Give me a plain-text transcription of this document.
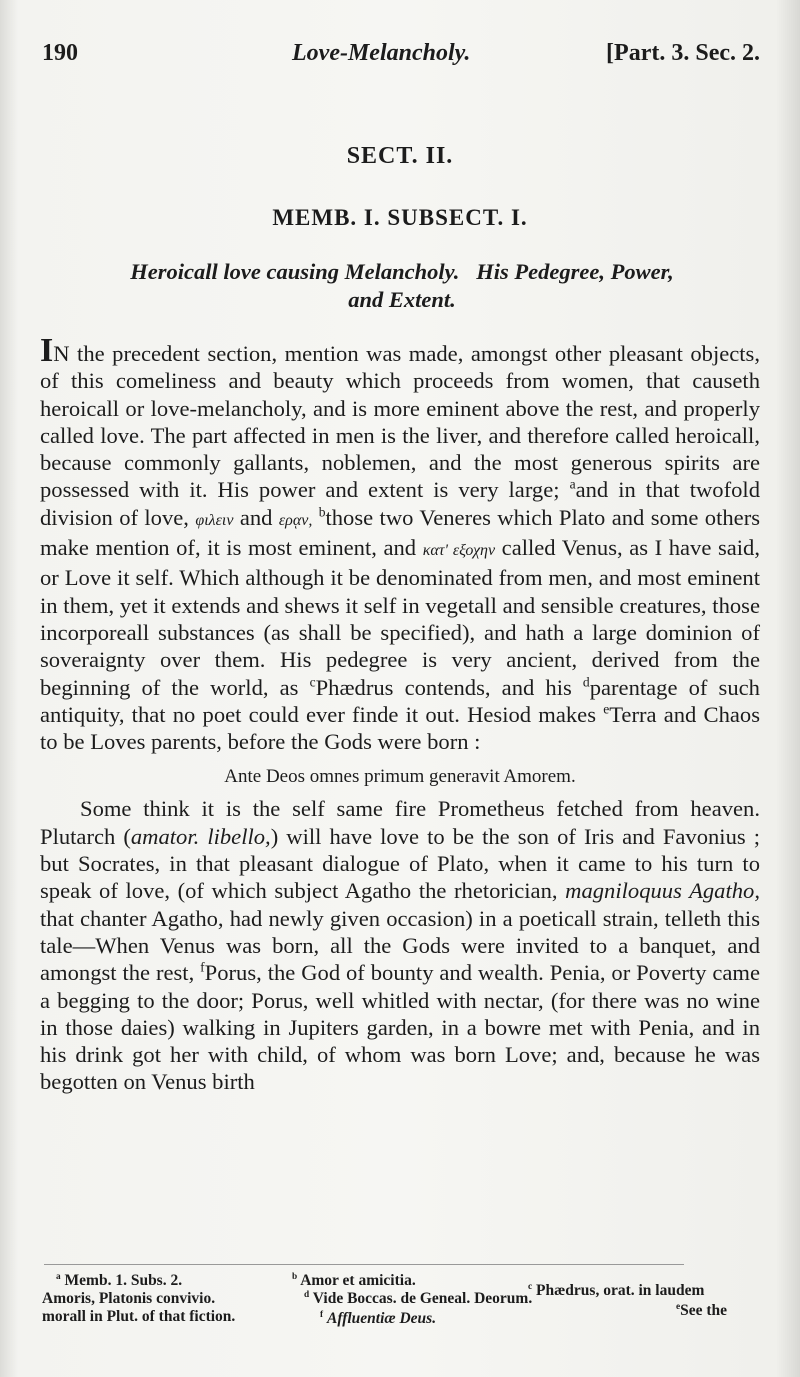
190	Love-Melancholy.	[Part. 3. Sec. 2.
SECT. II.
MEMB. I. SUBSECT. I.
Heroicall love causing Melancholy.   His Pedegree, Power,
and Extent.

IN the precedent section, mention was made, amongst other pleasant objects, of this comeliness and beauty which proceeds from women, that causeth heroicall or love-melancholy, and is more eminent above the rest, and properly called love. The part affected in men is the liver, and therefore called heroicall, because commonly gallants, noblemen, and the most generous spirits are possessed with it. His power and extent is very large; $^a$and in that twofold division of love, φιλειν and ερᾳν, $^b$those two Veneres which Plato and some others make mention of, it is most eminent, and κατ' εξοχην called Venus, as I have said, or Love it self. Which although it be denominated from men, and most eminent in them, yet it extends and shews it self in vegetall and sensible creatures, those incorporeall substances (as shall be specified), and hath a large dominion of soveraignty over them. His pedegree is very ancient, derived from the beginning of the world, as $^c$Phædrus contends, and his $^d$parentage of such antiquity, that no poet could ever finde it out. Hesiod makes $^e$Terra and Chaos to be Loves parents, before the Gods were born :

Ante Deos omnes primum generavit Amorem.

Some think it is the self same fire Prometheus fetched from heaven. Plutarch (amator. libello,) will have love to be the son of Iris and Favonius ; but Socrates, in that pleasant dialogue of Plato, when it came to his turn to speak of love, (of which subject Agatho the rhetorician, magniloquus Agatho, that chanter Agatho, had newly given occasion) in a poeticall strain, telleth this tale—When Venus was born, all the Gods were invited to a banquet, and amongst the rest, $^f$Porus, the God of bounty and wealth. Penia, or Poverty came a begging to the door; Porus, well whitled with nectar, (for there was no wine in those daies) walking in Jupiters garden, in a bowre met with Penia, and in his drink got her with child, of whom was born Love; and, because he was begotten on Venus birth

$^a$ Memb. 1. Subs. 2.
Amoris, Platonis convivio.
morall in Plut. of that fiction.
$^b$ Amor et amicitia.
$^d$ Vide Boccas. de Geneal. Deorum.
$^f$ Affluentiæ Deus.
$^c$ Phædrus, orat. in laudem
$^e$See the
